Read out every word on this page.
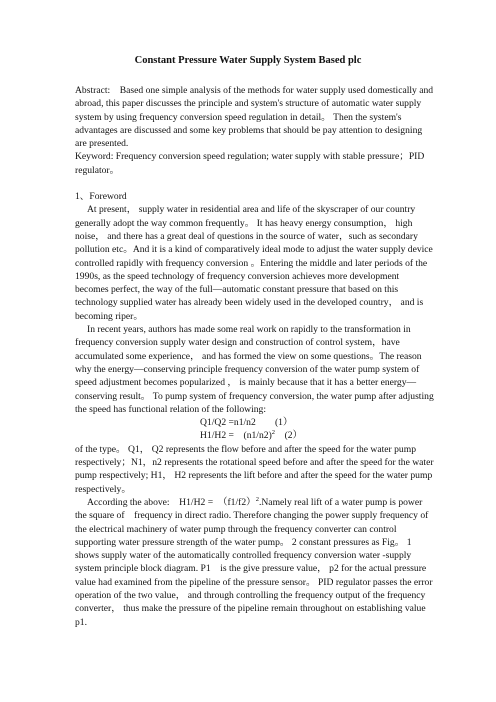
Constant Pressure Water Supply System Based plc

Abstract:　Based one simple analysis of the methods for water supply used domestically and abroad, this paper discusses the principle and system's structure of automatic water supply system by using frequency conversion speed regulation in detail。 Then the system's advantages are discussed and some key problems that should be pay attention to designing are presented.

Keyword: Frequency conversion speed regulation; water supply with stable pressure；PID regulator。

1、Foreword

At present， supply water in residential area and life of the skyscraper of our country generally adopt the way common frequently。 It has heavy energy consumption， high noise， and there has a great deal of questions in the source of water，such as secondary pollution etc。And it is a kind of comparatively ideal mode to adjust the water supply device controlled rapidly with frequency conversion 。Entering the middle and later periods of the 1990s, as the speed technology of frequency conversion achieves more development becomes perfect, the way of the full—automatic constant pressure that based on this technology supplied water has already been widely used in the developed country， and is becoming riper。

In recent years, authors has made some real work on rapidly to the transformation in frequency conversion supply water design and construction of control system，have accumulated some experience， and has formed the view on some questions。The reason why the energy—conserving principle frequency conversion of the water pump system of speed adjustment becomes popularized ， is mainly because that it has a better energy— conserving result。 To pump system of frequency conversion, the water pump after adjusting the speed has functional relation of the following:

Q1/Q2 =n1/n2　　(1）

H1/H2 =　$(n1/n2)^2$　(2）

of the type。 Q1， Q2 represents the flow before and after the speed for the water pump respectively；N1，n2 represents the rotational speed before and after the speed for the water pump respectively; H1， H2 represents the lift before and after the speed for the water pump respectively。

According the above:　H1/H2 =　$(f1/f2)^2.Namely$ real lift of a water pump is power the square of　frequency in direct radio. Therefore changing the power supply frequency of the electrical machinery of water pump through the frequency converter can control supporting water pressure strength of the water pump。 2 constant pressures as Fig。 1 shows supply water of the automatically controlled frequency conversion water -supply system principle block diagram. P1　is the give pressure value， p2 for the actual pressure value had examined from the pipeline of the pressure sensor。 PID regulator passes the error operation of the two value， and through controlling the frequency output of the frequency converter， thus make the pressure of the pipeline remain throughout on establishing value p1.
